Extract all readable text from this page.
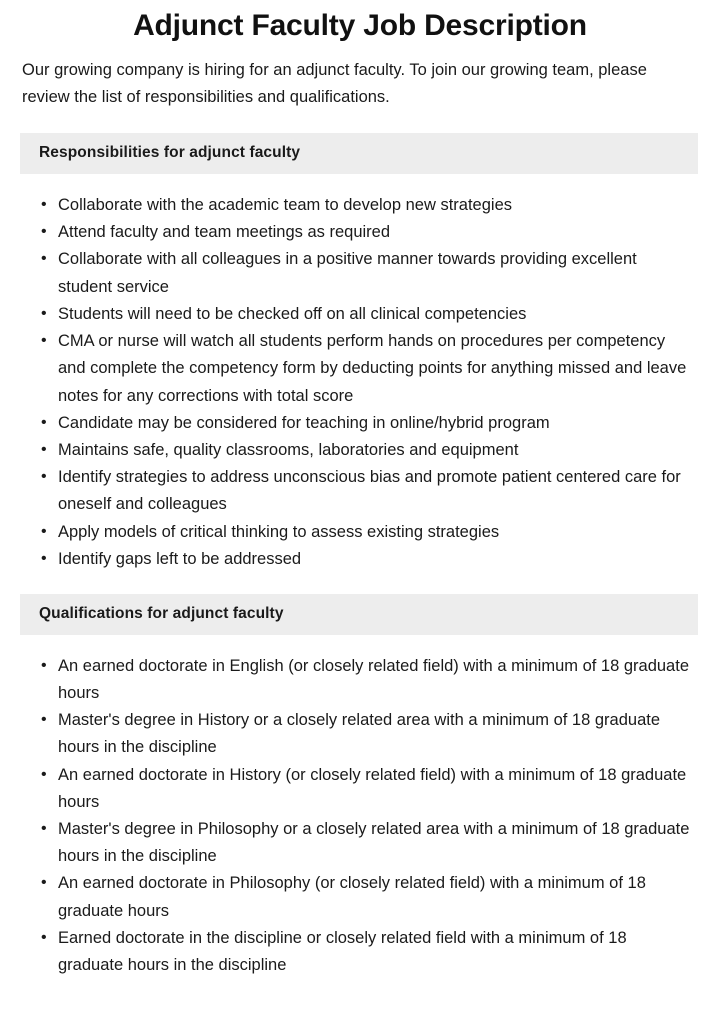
Adjunct Faculty Job Description

Our growing company is hiring for an adjunct faculty. To join our growing team, please review the list of responsibilities and qualifications.

Responsibilities for adjunct faculty
• Collaborate with the academic team to develop new strategies
• Attend faculty and team meetings as required
• Collaborate with all colleagues in a positive manner towards providing excellent student service
• Students will need to be checked off on all clinical competencies
• CMA or nurse will watch all students perform hands on procedures per competency and complete the competency form by deducting points for anything missed and leave notes for any corrections with total score
• Candidate may be considered for teaching in online/hybrid program
• Maintains safe, quality classrooms, laboratories and equipment
• Identify strategies to address unconscious bias and promote patient centered care for oneself and colleagues
• Apply models of critical thinking to assess existing strategies
• Identify gaps left to be addressed
Qualifications for adjunct faculty
• An earned doctorate in English (or closely related field) with a minimum of 18 graduate hours
• Master's degree in History or a closely related area with a minimum of 18 graduate hours in the discipline
• An earned doctorate in History (or closely related field) with a minimum of 18 graduate hours
• Master's degree in Philosophy or a closely related area with a minimum of 18 graduate hours in the discipline
• An earned doctorate in Philosophy (or closely related field) with a minimum of 18 graduate hours
• Earned doctorate in the discipline or closely related field with a minimum of 18 graduate hours in the discipline
